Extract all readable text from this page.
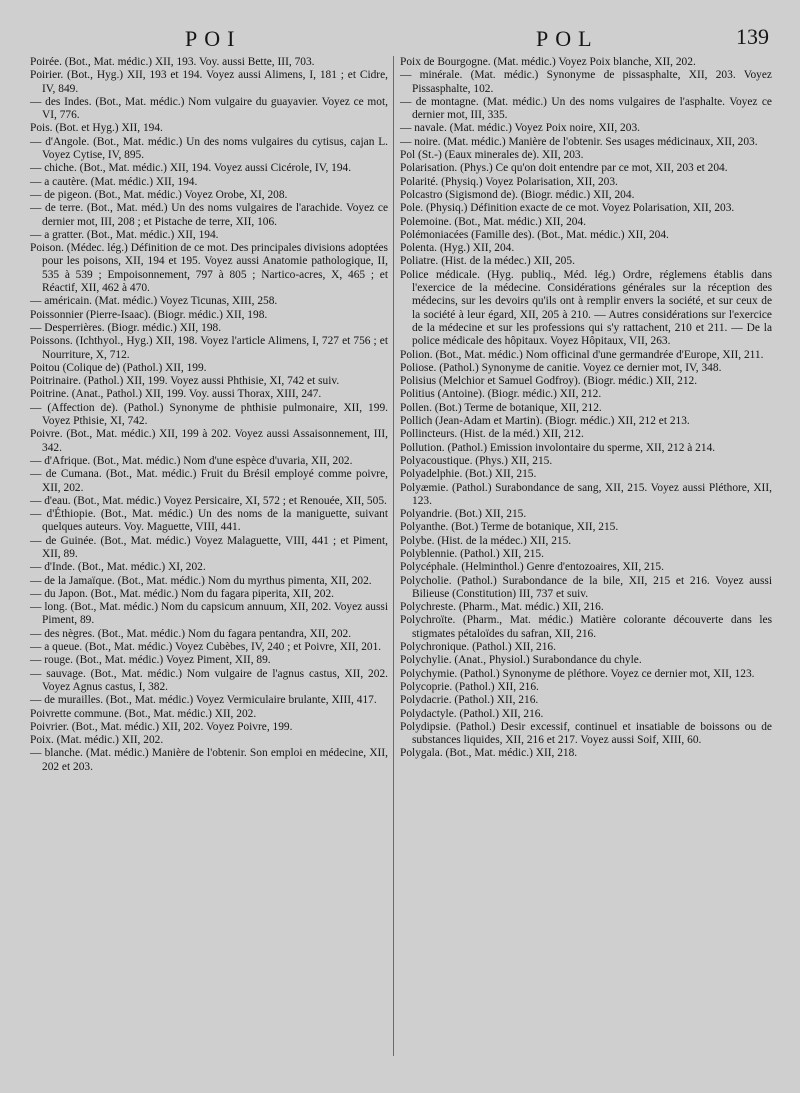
POI	POL	139

Poirée. (Bot., Mat. médic.) XII, 193. Voy. aussi Bette, III, 703.

Poirier. (Bot., Hyg.) XII, 193 et 194. Voyez aussi Alimens, I, 181 ; et Cidre, IV, 849.

— des Indes. (Bot., Mat. médic.) Nom vulgaire du guayavier. Voyez ce mot, VI, 776.

Pois. (Bot. et Hyg.) XII, 194.

— d'Angole. (Bot., Mat. médic.) Un des noms vulgaires du cytisus, cajan L. Voyez Cytise, IV, 895.

— chiche. (Bot., Mat. médic.) XII, 194. Voyez aussi Cicérole, IV, 194.

— a cautère. (Mat. médic.) XII, 194.

— de pigeon. (Bot., Mat. médic.) Voyez Orobe, XI, 208.

— de terre. (Bot., Mat. méd.) Un des noms vulgaires de l'arachide. Voyez ce dernier mot, III, 208 ; et Pistache de terre, XII, 106.

— a gratter. (Bot., Mat. médic.) XII, 194.

Poison. (Médec. lég.) Définition de ce mot. Des principales divisions adoptées pour les poisons, XII, 194 et 195. Voyez aussi Anatomie pathologique, II, 535 à 539 ; Empoisonnement, 797 à 805 ; Nartico-acres, X, 465 ; et Réactif, XII, 462 à 470.

— américain. (Mat. médic.) Voyez Ticunas, XIII, 258.

Poissonnier (Pierre-Isaac). (Biogr. médic.) XII, 198.

— Desperrières. (Biogr. médic.) XII, 198.

Poissons. (Ichthyol., Hyg.) XII, 198. Voyez l'article Alimens, I, 727 et 756 ; et Nourriture, X, 712.

Poitou (Colique de) (Pathol.) XII, 199.

Poitrinaire. (Pathol.) XII, 199. Voyez aussi Phthisie, XI, 742 et suiv.

Poitrine. (Anat., Pathol.) XII, 199. Voy. aussi Thorax, XIII, 247.

— (Affection de). (Pathol.) Synonyme de phthisie pulmonaire, XII, 199. Voyez Pthisie, XI, 742.

Poivre. (Bot., Mat. médic.) XII, 199 à 202. Voyez aussi Assaisonnement, III, 342.

— d'Afrique. (Bot., Mat. médic.) Nom d'une espèce d'uvaria, XII, 202.

— de Cumana. (Bot., Mat. médic.) Fruit du Brésil employé comme poivre, XII, 202.

— d'eau. (Bot., Mat. médic.) Voyez Persicaire, XI, 572 ; et Renouée, XII, 505.

— d'Éthiopie. (Bot., Mat. médic.) Un des noms de la maniguette, suivant quelques auteurs. Voy. Maguette, VIII, 441.

— de Guinée. (Bot., Mat. médic.) Voyez Malaguette, VIII, 441 ; et Piment, XII, 89.

— d'Inde. (Bot., Mat. médic.) XI, 202.

— de la Jamaïque. (Bot., Mat. médic.) Nom du myrthus pimenta, XII, 202.

— du Japon. (Bot., Mat. médic.) Nom du fagara piperita, XII, 202.

— long. (Bot., Mat. médic.) Nom du capsicum annuum, XII, 202. Voyez aussi Piment, 89.

— des nègres. (Bot., Mat. médic.) Nom du fagara pentandra, XII, 202.

— a queue. (Bot., Mat. médic.) Voyez Cubèbes, IV, 240 ; et Poivre, XII, 201.

— rouge. (Bot., Mat. médic.) Voyez Piment, XII, 89.

— sauvage. (Bot., Mat. médic.) Nom vulgaire de l'agnus castus, XII, 202. Voyez Agnus castus, I, 382.

— de murailles. (Bot., Mat. médic.) Voyez Vermiculaire brulante, XIII, 417.

Poivrette commune. (Bot., Mat. médic.) XII, 202.

Poivrier. (Bot., Mat. médic.) XII, 202. Voyez Poivre, 199.

Poix. (Mat. médic.) XII, 202.

— blanche. (Mat. médic.) Manière de l'obtenir. Son emploi en médecine, XII, 202 et 203.

Poix de Bourgogne. (Mat. médic.) Voyez Poix blanche, XII, 202.

— minérale. (Mat. médic.) Synonyme de pissasphalte, XII, 203. Voyez Pissasphalte, 102.

— de montagne. (Mat. médic.) Un des noms vulgaires de l'asphalte. Voyez ce dernier mot, III, 335.

— navale. (Mat. médic.) Voyez Poix noire, XII, 203.

— noire. (Mat. médic.) Manière de l'obtenir. Ses usages médicinaux, XII, 203.

Pol (St.-) (Eaux minerales de). XII, 203.

Polarisation. (Phys.) Ce qu'on doit entendre par ce mot, XII, 203 et 204.

Polarité. (Physiq.) Voyez Polarisation, XII, 203.

Polcastro (Sigismond de). (Biogr. médic.) XII, 204.

Pole. (Physiq.) Définition exacte de ce mot. Voyez Polarisation, XII, 203.

Polemoine. (Bot., Mat. médic.) XII, 204.

Polémoniacées (Famille des). (Bot., Mat. médic.) XII, 204.

Polenta. (Hyg.) XII, 204.

Poliatre. (Hist. de la médec.) XII, 205.

Police médicale. (Hyg. publiq., Méd. lég.) Ordre, réglemens établis dans l'exercice de la médecine. Considérations générales sur la réception des médecins, sur les devoirs qu'ils ont à remplir envers la société, et sur ceux de la société à leur égard, XII, 205 à 210. — Autres considérations sur l'exercice de la médecine et sur les professions qui s'y rattachent, 210 et 211. — De la police médicale des hôpitaux. Voyez Hôpitaux, VII, 263.

Polion. (Bot., Mat. médic.) Nom officinal d'une germandrée d'Europe, XII, 211.

Poliose. (Pathol.) Synonyme de canitie. Voyez ce dernier mot, IV, 348.

Polisius (Melchior et Samuel Godfroy). (Biogr. médic.) XII, 212.

Politius (Antoine). (Biogr. médic.) XII, 212.

Pollen. (Bot.) Terme de botanique, XII, 212.

Pollich (Jean-Adam et Martin). (Biogr. médic.) XII, 212 et 213.

Pollincteurs. (Hist. de la méd.) XII, 212.

Pollution. (Pathol.) Emission involontaire du sperme, XII, 212 à 214.

Polyacoustique. (Phys.) XII, 215.

Polyadelphie. (Bot.) XII, 215.

Polyæmie. (Pathol.) Surabondance de sang, XII, 215. Voyez aussi Pléthore, XII, 123.

Polyandrie. (Bot.) XII, 215.

Polyanthe. (Bot.) Terme de botanique, XII, 215.

Polybe. (Hist. de la médec.) XII, 215.

Polyblennie. (Pathol.) XII, 215.

Polycéphale. (Helminthol.) Genre d'entozoaires, XII, 215.

Polycholie. (Pathol.) Surabondance de la bile, XII, 215 et 216. Voyez aussi Bilieuse (Constitution) III, 737 et suiv.

Polychreste. (Pharm., Mat. médic.) XII, 216.

Polychroïte. (Pharm., Mat. médic.) Matière colorante découverte dans les stigmates pétaloïdes du safran, XII, 216.

Polychronique. (Pathol.) XII, 216.

Polychylie. (Anat., Physiol.) Surabondance du chyle.

Polychymie. (Pathol.) Synonyme de pléthore. Voyez ce dernier mot, XII, 123.

Polycoprie. (Pathol.) XII, 216.

Polydacrie. (Pathol.) XII, 216.

Polydactyle. (Pathol.) XII, 216.

Polydipsie. (Pathol.) Desir excessif, continuel et insatiable de boissons ou de substances liquides, XII, 216 et 217. Voyez aussi Soif, XIII, 60.

Polygala. (Bot., Mat. médic.) XII, 218.
